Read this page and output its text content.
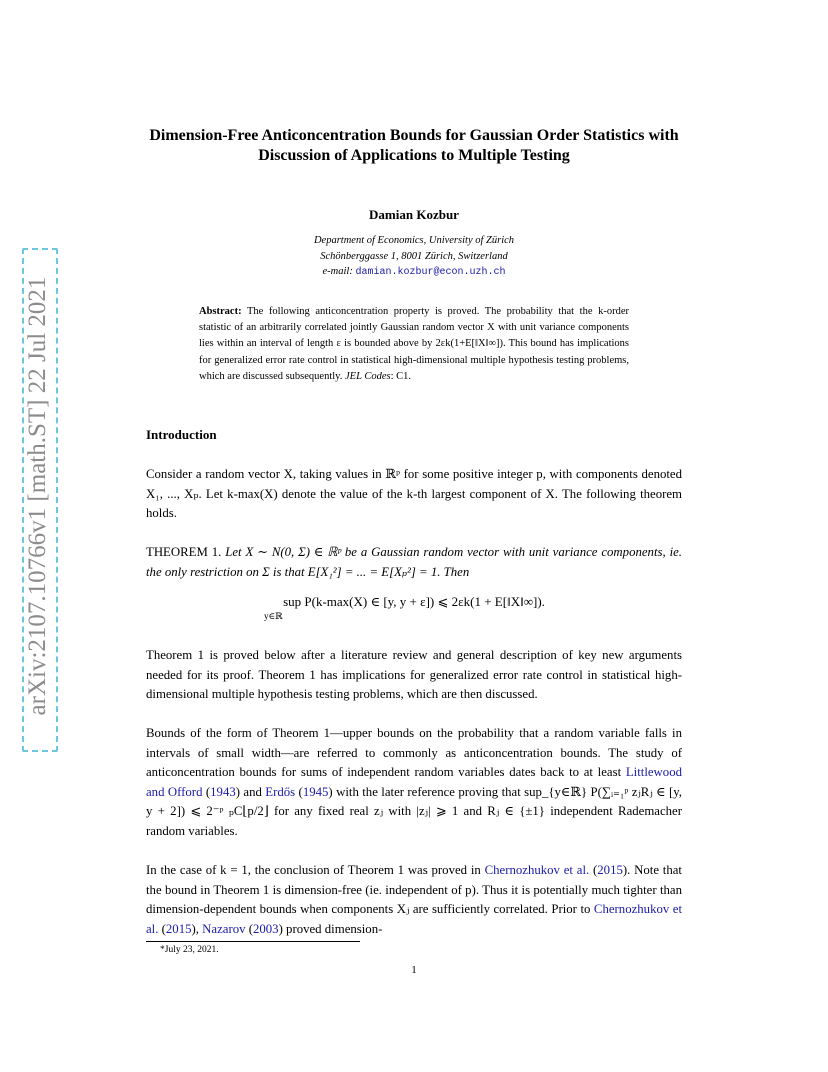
arXiv:2107.10766v1 [math.ST] 22 Jul 2021
Dimension-Free Anticoncentration Bounds for Gaussian Order Statistics with Discussion of Applications to Multiple Testing
Damian Kozbur
Department of Economics, University of Zürich
Schönberggasse 1, 8001 Zürich, Switzerland
e-mail: damian.kozbur@econ.uzh.ch
Abstract: The following anticoncentration property is proved. The probability that the k-order statistic of an arbitrarily correlated jointly Gaussian random vector X with unit variance components lies within an interval of length ε is bounded above by 2εk(1+E[‖X‖∞]). This bound has implications for generalized error rate control in statistical high-dimensional multiple hypothesis testing problems, which are discussed subsequently. JEL Codes: C1.
Introduction
Consider a random vector X, taking values in ℝᵖ for some positive integer p, with components denoted X₁, ..., Xₚ. Let k-max(X) denote the value of the k-th largest component of X. The following theorem holds.
THEOREM 1. Let X ∼ N(0, Σ) ∈ ℝᵖ be a Gaussian random vector with unit variance components, ie. the only restriction on Σ is that E[X₁²] = ... = E[Xₚ²] = 1. Then
sup P(k-max(X) ∈ [y, y + ε]) ⩽ 2εk(1 + E[‖X‖∞]).
y∈ℝ
Theorem 1 is proved below after a literature review and general description of key new arguments needed for its proof. Theorem 1 has implications for generalized error rate control in statistical high-dimensional multiple hypothesis testing problems, which are then discussed.
Bounds of the form of Theorem 1—upper bounds on the probability that a random variable falls in intervals of small width—are referred to commonly as anticoncentration bounds. The study of anticoncentration bounds for sums of independent random variables dates back to at least Littlewood and Offord (1943) and Erdős (1945) with the later reference proving that sup_{y∈ℝ} P(∑ᵢ₌₁ᵖ zⱼRⱼ ∈ [y, y + 2]) ⩽ 2⁻ᵖ ₚC⌊p/2⌋ for any fixed real zⱼ with |zⱼ| ⩾ 1 and Rⱼ ∈ {±1} independent Rademacher random variables.
In the case of k = 1, the conclusion of Theorem 1 was proved in Chernozhukov et al. (2015). Note that the bound in Theorem 1 is dimension-free (ie. independent of p). Thus it is potentially much tighter than dimension-dependent bounds when components Xⱼ are sufficiently correlated. Prior to Chernozhukov et al. (2015), Nazarov (2003) proved dimension-
*July 23, 2021.
1
